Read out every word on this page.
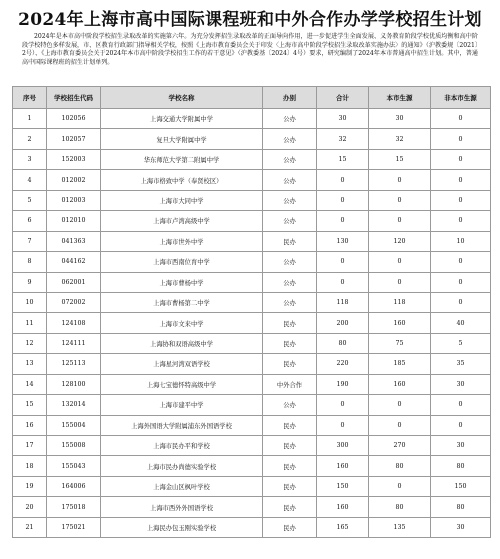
2024年上海市高中国际课程班和中外合作办学学校招生计划
2024年是本市高中阶段学校招生录取改革的实施第六年。为充分发挥招生录取改革的正面导向作用，进一步促进学生全面发展、义务教育阶段学校优质均衡和高中阶段学校特色多样发展，市、区教育行政部门指导相关学校，按照《上海市教育委员会关于印发〈上海市高中阶段学校招生录取改革实施办法〉的通知》（沪教委规〔2021〕2号）、《上海市教育委员会关于2024年本市高中阶段学校招生工作的若干意见》（沪教委基〔2024〕4号）要求，研究编制了2024年本市普通高中招生计划。其中，普通高中国际课程班的招生计划单列。
序号	学校招生代码	学校名称	办别	合计	本市生源	非本市生源
1	102056	上海交通大学附属中学	公办	30	30	0
2	102057	复旦大学附属中学	公办	32	32	0
3	152003	华东师范大学第二附属中学	公办	15	15	0
4	012002	上海市格致中学（奉贤校区）	公办	0	0	0
5	012003	上海市大同中学	公办	0	0	0
6	012010	上海市卢湾高级中学	公办	0	0	0
7	041363	上海市世外中学	民办	130	120	10
8	044162	上海市西南位育中学	公办	0	0	0
9	062001	上海市曹杨中学	公办	0	0	0
10	072002	上海市曹杨第二中学	公办	118	118	0
11	124108	上海市文来中学	民办	200	160	40
12	124111	上海协和双语高级中学	民办	80	75	5
13	125113	上海星河湾双语学校	民办	220	185	35
14	128100	上海七宝德怀特高级中学	中外合作	190	160	30
15	132014	上海市建平中学	公办	0	0	0
16	155004	上海外国语大学附属浦东外国语学校	民办	0	0	0
17	155008	上海市民办平和学校	民办	300	270	30
18	155043	上海市民办尚德实验学校	民办	160	80	80
19	164006	上海金山区枫叶学校	民办	150	0	150
20	175018	上海市西外外国语学校	民办	160	80	80
21	175021	上海民办包玉刚实验学校	民办	165	135	30
